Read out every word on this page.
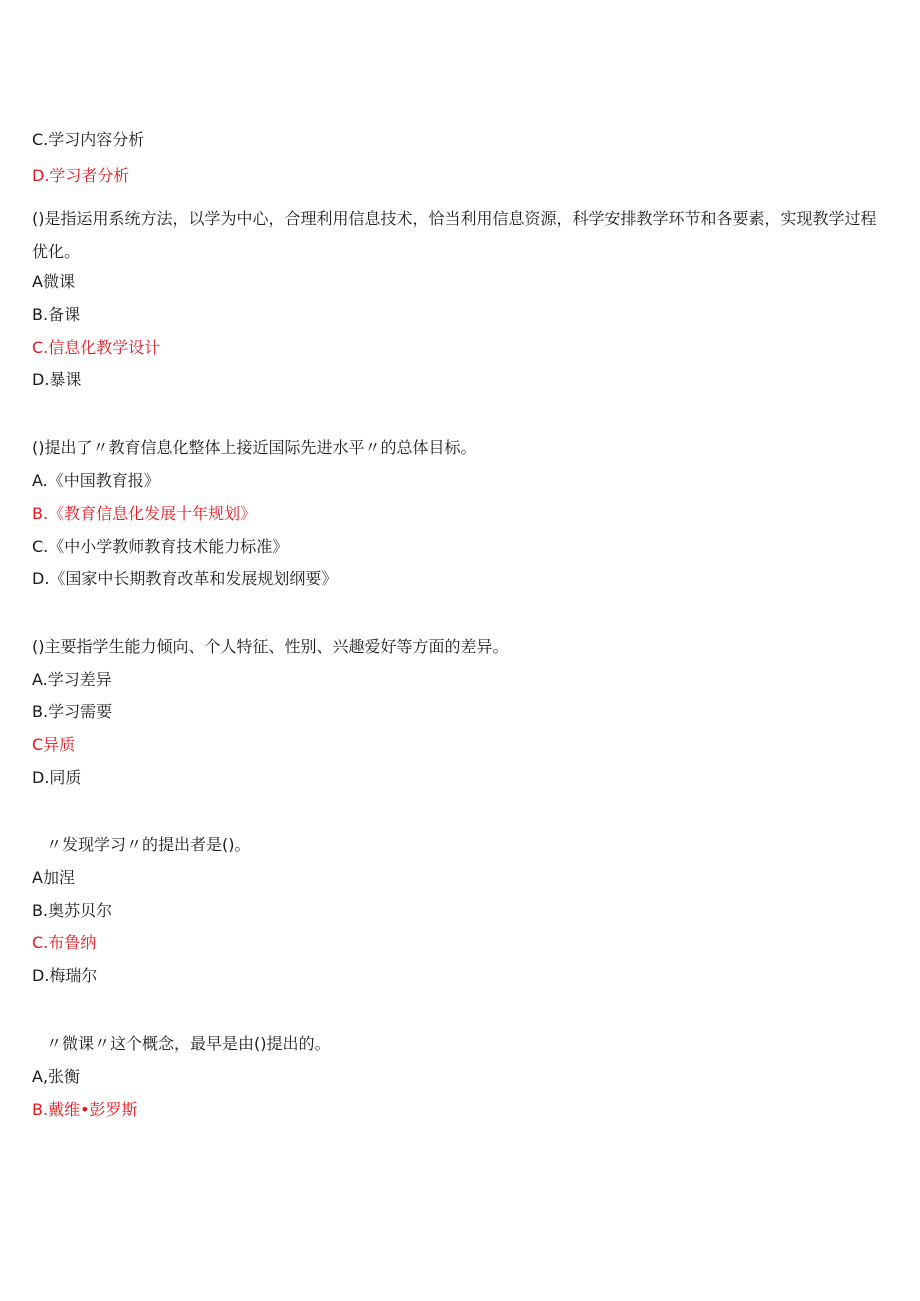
C.学习内容分析
D.学习者分析
()是指运用系统方法，以学为中心，合理利用信息技术，恰当利用信息资源，科学安排教学环节和各要素，实现教学过程优化。
A微课
B.备课
C.信息化教学设计
D.暴课
()提出了〃教育信息化整体上接近国际先进水平〃的总体目标。
A.《中国教育报》
B.《教育信息化发展十年规划》
C.《中小学教师教育技术能力标准》
D.《国家中长期教育改革和发展规划纲要》
()主要指学生能力倾向、个人特征、性别、兴趣爱好等方面的差异。
A.学习差异
B.学习需要
C异质
D.同质
〃发现学习〃的提出者是()。
A加涅
B.奥苏贝尔
C.布鲁纳
D.梅瑞尔
〃微课〃这个概念，最早是由()提出的。
A,张衡
B.戴维•彭罗斯
